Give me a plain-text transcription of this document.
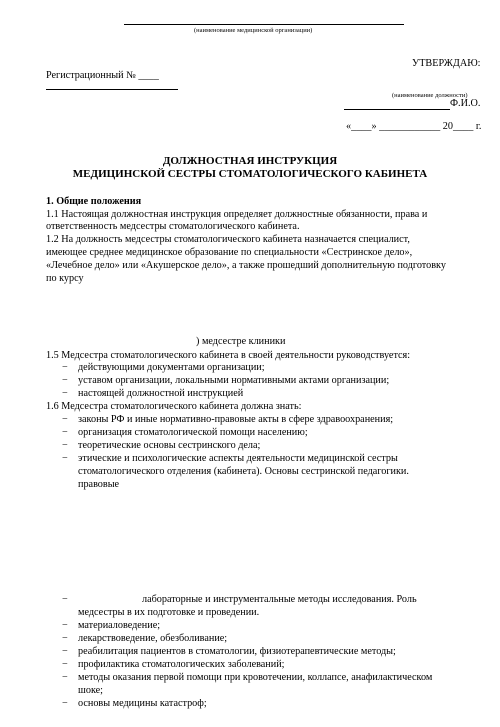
(наименование медицинской организации)
УТВЕРЖДАЮ:
Регистрационный № ____
(наименование должности)
Ф.И.О.
«____» ____________ 20____ г.
ДОЛЖНОСТНАЯ ИНСТРУКЦИЯ
МЕДИЦИНСКОЙ СЕСТРЫ СТОМАТОЛОГИЧЕСКОГО КАБИНЕТА
1. Общие положения
1.1 Настоящая должностная инструкция определяет должностные обязанности, права и
ответственность медсестры стоматологического кабинета.
1.2 На должность медсестры стоматологического кабинета назначается специалист,
имеющее среднее медицинское образование по специальности «Сестринское дело»,
«Лечебное дело» или «Акушерское дело», а также прошедший дополнительную подготовку
по курсу
) медсестре клиники
1.5 Медсестра стоматологического кабинета в своей деятельности руководствуется:
− действующими документами организации;
− уставом организации, локальными нормативными актами организации;
− настоящей должностной инструкцией
1.6 Медсестра стоматологического кабинета должна знать:
− законы РФ и иные нормативно-правовые акты в сфере здравоохранения;
− организация стоматологической помощи населению;
− теоретические основы сестринского дела;
− этические и психологические аспекты деятельности медицинской сестры
стоматологического отделения (кабинета). Основы сестринской педагогики.
правовые
−	лабораторные и инструментальные методы исследования. Роль
медсестры в их подготовке и проведении.
− материаловедение;
− лекарствоведение, обезболивание;
− реабилитация пациентов в стоматологии, физиотерапевтические методы;
− профилактика стоматологических заболеваний;
− методы оказания первой помощи при кровотечении, коллапсе, анафилактическом
шоке;
− основы медицины катастроф;
